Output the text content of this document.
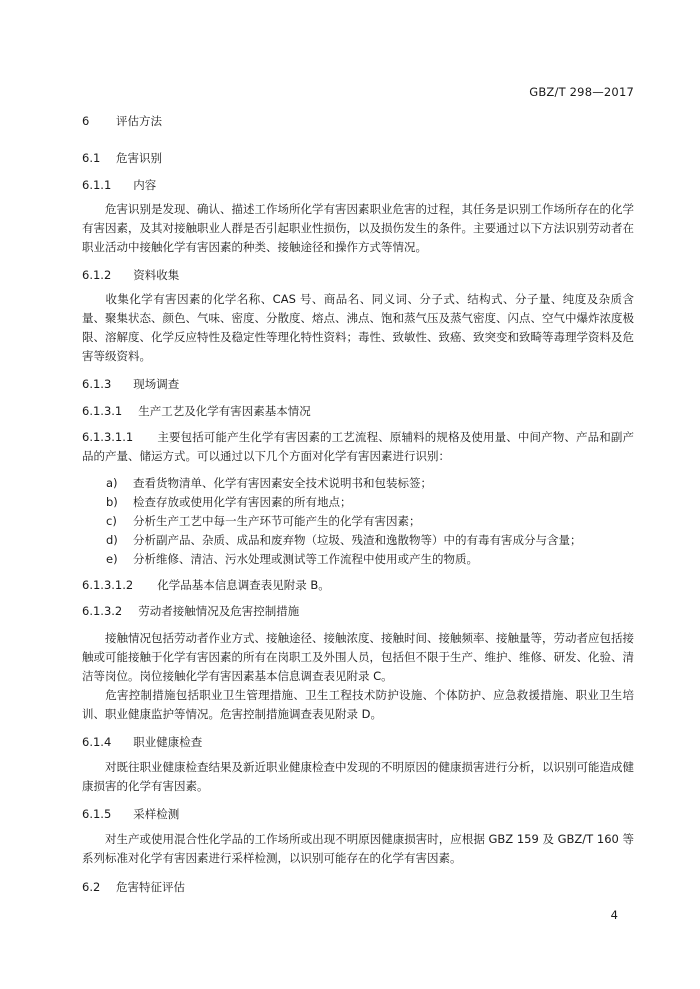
GBZ/T 298—2017
6 评估方法
6.1 危害识别
6.1.1 内容
危害识别是发现、确认、描述工作场所化学有害因素职业危害的过程，其任务是识别工作场所存在的化学有害因素，及其对接触职业人群是否引起职业性损伤，以及损伤发生的条件。主要通过以下方法识别劳动者在职业活动中接触化学有害因素的种类、接触途径和操作方式等情况。
6.1.2 资料收集
收集化学有害因素的化学名称、CAS 号、商品名、同义词、分子式、结构式、分子量、纯度及杂质含量、聚集状态、颜色、气味、密度、分散度、熔点、沸点、饱和蒸气压及蒸气密度、闪点、空气中爆炸浓度极限、溶解度、化学反应特性及稳定性等理化特性资料；毒性、致敏性、致癌、致突变和致畸等毒理学资料及危害等级资料。
6.1.3 现场调查
6.1.3.1 生产工艺及化学有害因素基本情况
6.1.3.1.1 主要包括可能产生化学有害因素的工艺流程、原辅料的规格及使用量、中间产物、产品和副产品的产量、储运方式。可以通过以下几个方面对化学有害因素进行识别：
a) 查看货物清单、化学有害因素安全技术说明书和包装标签；
b) 检查存放或使用化学有害因素的所有地点；
c) 分析生产工艺中每一生产环节可能产生的化学有害因素；
d) 分析副产品、杂质、成品和废弃物（垃圾、残渣和逸散物等）中的有毒有害成分与含量；
e) 分析维修、清洁、污水处理或测试等工作流程中使用或产生的物质。
6.1.3.1.2 化学品基本信息调查表见附录 B。
6.1.3.2 劳动者接触情况及危害控制措施
接触情况包括劳动者作业方式、接触途径、接触浓度、接触时间、接触频率、接触量等，劳动者应包括接触或可能接触于化学有害因素的所有在岗职工及外围人员，包括但不限于生产、维护、维修、研发、化验、清洁等岗位。岗位接触化学有害因素基本信息调查表见附录 C。
危害控制措施包括职业卫生管理措施、卫生工程技术防护设施、个体防护、应急救援措施、职业卫生培训、职业健康监护等情况。危害控制措施调查表见附录 D。
6.1.4 职业健康检查
对既往职业健康检查结果及新近职业健康检查中发现的不明原因的健康损害进行分析，以识别可能造成健康损害的化学有害因素。
6.1.5 采样检测
对生产或使用混合性化学品的工作场所或出现不明原因健康损害时，应根据 GBZ 159 及 GBZ/T 160 等系列标准对化学有害因素进行采样检测，以识别可能存在的化学有害因素。
6.2 危害特征评估
4
